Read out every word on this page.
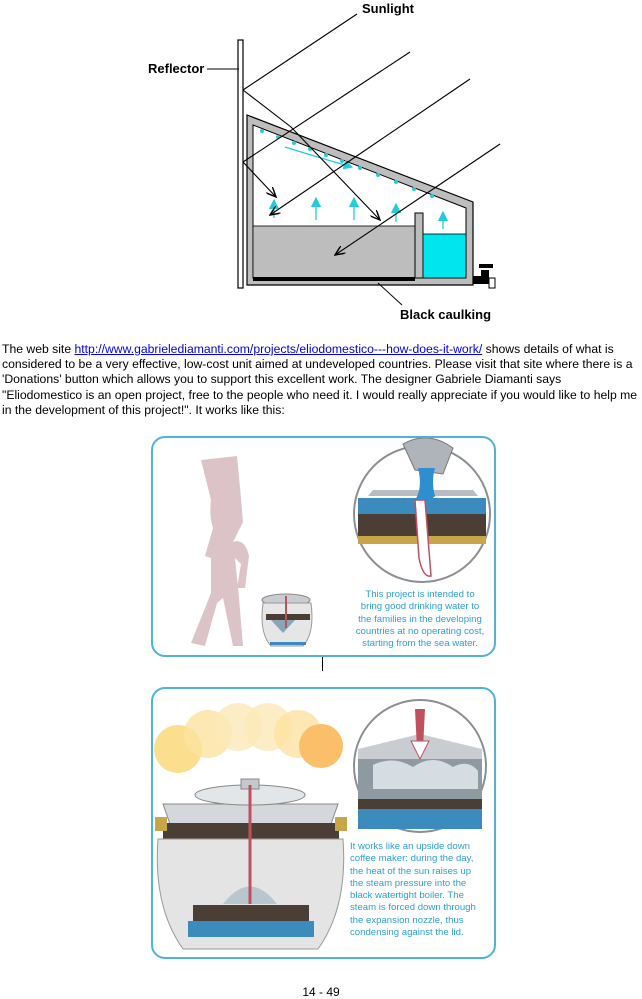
Sunlight
Reflector
Black caulking
The web site http://www.gabrielediamanti.com/projects/eliodomestico---how-does-it-work/ shows details of what is considered to be a very effective, low-cost unit aimed at undeveloped countries. Please visit that site where there is a 'Donations' button which allows you to support this excellent work. The designer Gabriele Diamanti says "Eliodomestico is an open project, free to the people who need it. I would really appreciate if you would like to help me in the development of this project!". It works like this:
This project is intended to
bring good drinking water to
the families in the developing
countries at no operating cost,
starting from the sea water.
It works like an upside down
coffee maker: during the day,
the heat of the sun raises up
the steam pressure into the
black watertight boiler. The
steam is forced down through
the expansion nozzle, thus
condensing against the lid.
14 - 49
